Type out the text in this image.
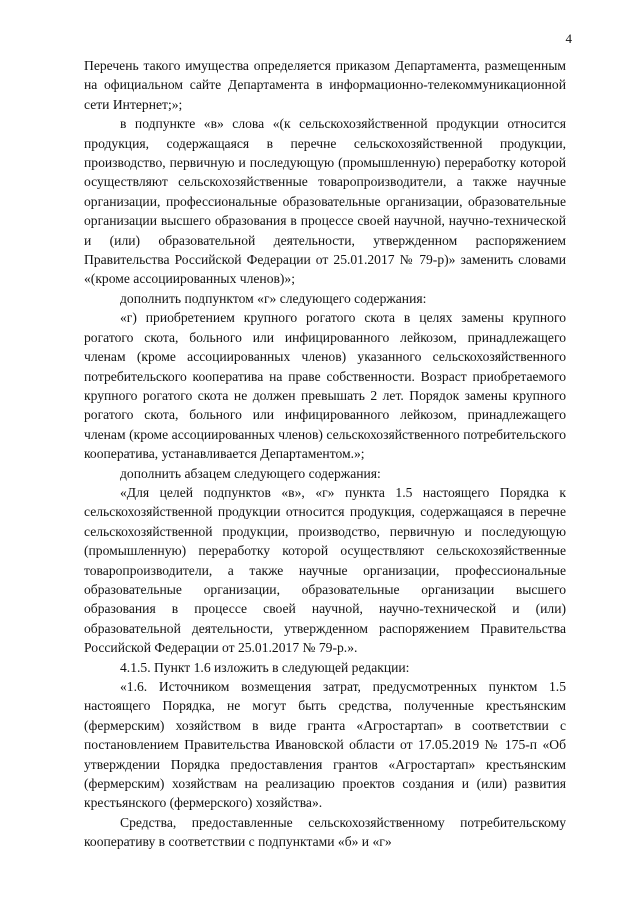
4

Перечень такого имущества определяется приказом Департамента, размещенным на официальном сайте Департамента в информационно-телекоммуникационной сети Интернет;»;

в подпункте «в» слова «(к сельскохозяйственной продукции относится продукция, содержащаяся в перечне сельскохозяйственной продукции, производство, первичную и последующую (промышленную) переработку которой осуществляют сельскохозяйственные товаропроизводители, а также научные организации, профессиональные образовательные организации, образовательные организации высшего образования в процессе своей научной, научно-технической и (или) образовательной деятельности, утвержденном распоряжением Правительства Российской Федерации от 25.01.2017 № 79-р)» заменить словами «(кроме ассоциированных членов)»;

дополнить подпунктом «г» следующего содержания:

«г) приобретением крупного рогатого скота в целях замены крупного рогатого скота, больного или инфицированного лейкозом, принадлежащего членам (кроме ассоциированных членов) указанного сельскохозяйственного потребительского кооператива на праве собственности. Возраст приобретаемого крупного рогатого скота не должен превышать 2 лет. Порядок замены крупного рогатого скота, больного или инфицированного лейкозом, принадлежащего членам (кроме ассоциированных членов) сельскохозяйственного потребительского кооператива, устанавливается Департаментом.»;

дополнить абзацем следующего содержания:

«Для целей подпунктов «в», «г» пункта 1.5 настоящего Порядка к сельскохозяйственной продукции относится продукция, содержащаяся в перечне сельскохозяйственной продукции, производство, первичную и последующую (промышленную) переработку которой осуществляют сельскохозяйственные товаропроизводители, а также научные организации, профессиональные образовательные организации, образовательные организации высшего образования в процессе своей научной, научно-технической и (или) образовательной деятельности, утвержденном распоряжением Правительства Российской Федерации от 25.01.2017 № 79-р.».

4.1.5. Пункт 1.6 изложить в следующей редакции:

«1.6. Источником возмещения затрат, предусмотренных пунктом 1.5 настоящего Порядка, не могут быть средства, полученные крестьянским (фермерским) хозяйством в виде гранта «Агростартап» в соответствии с постановлением Правительства Ивановской области от 17.05.2019 № 175-п «Об утверждении Порядка предоставления грантов «Агростартап» крестьянским (фермерским) хозяйствам на реализацию проектов создания и (или) развития крестьянского (фермерского) хозяйства».

Средства, предоставленные сельскохозяйственному потребительскому кооперативу в соответствии с подпунктами «б» и «г»
